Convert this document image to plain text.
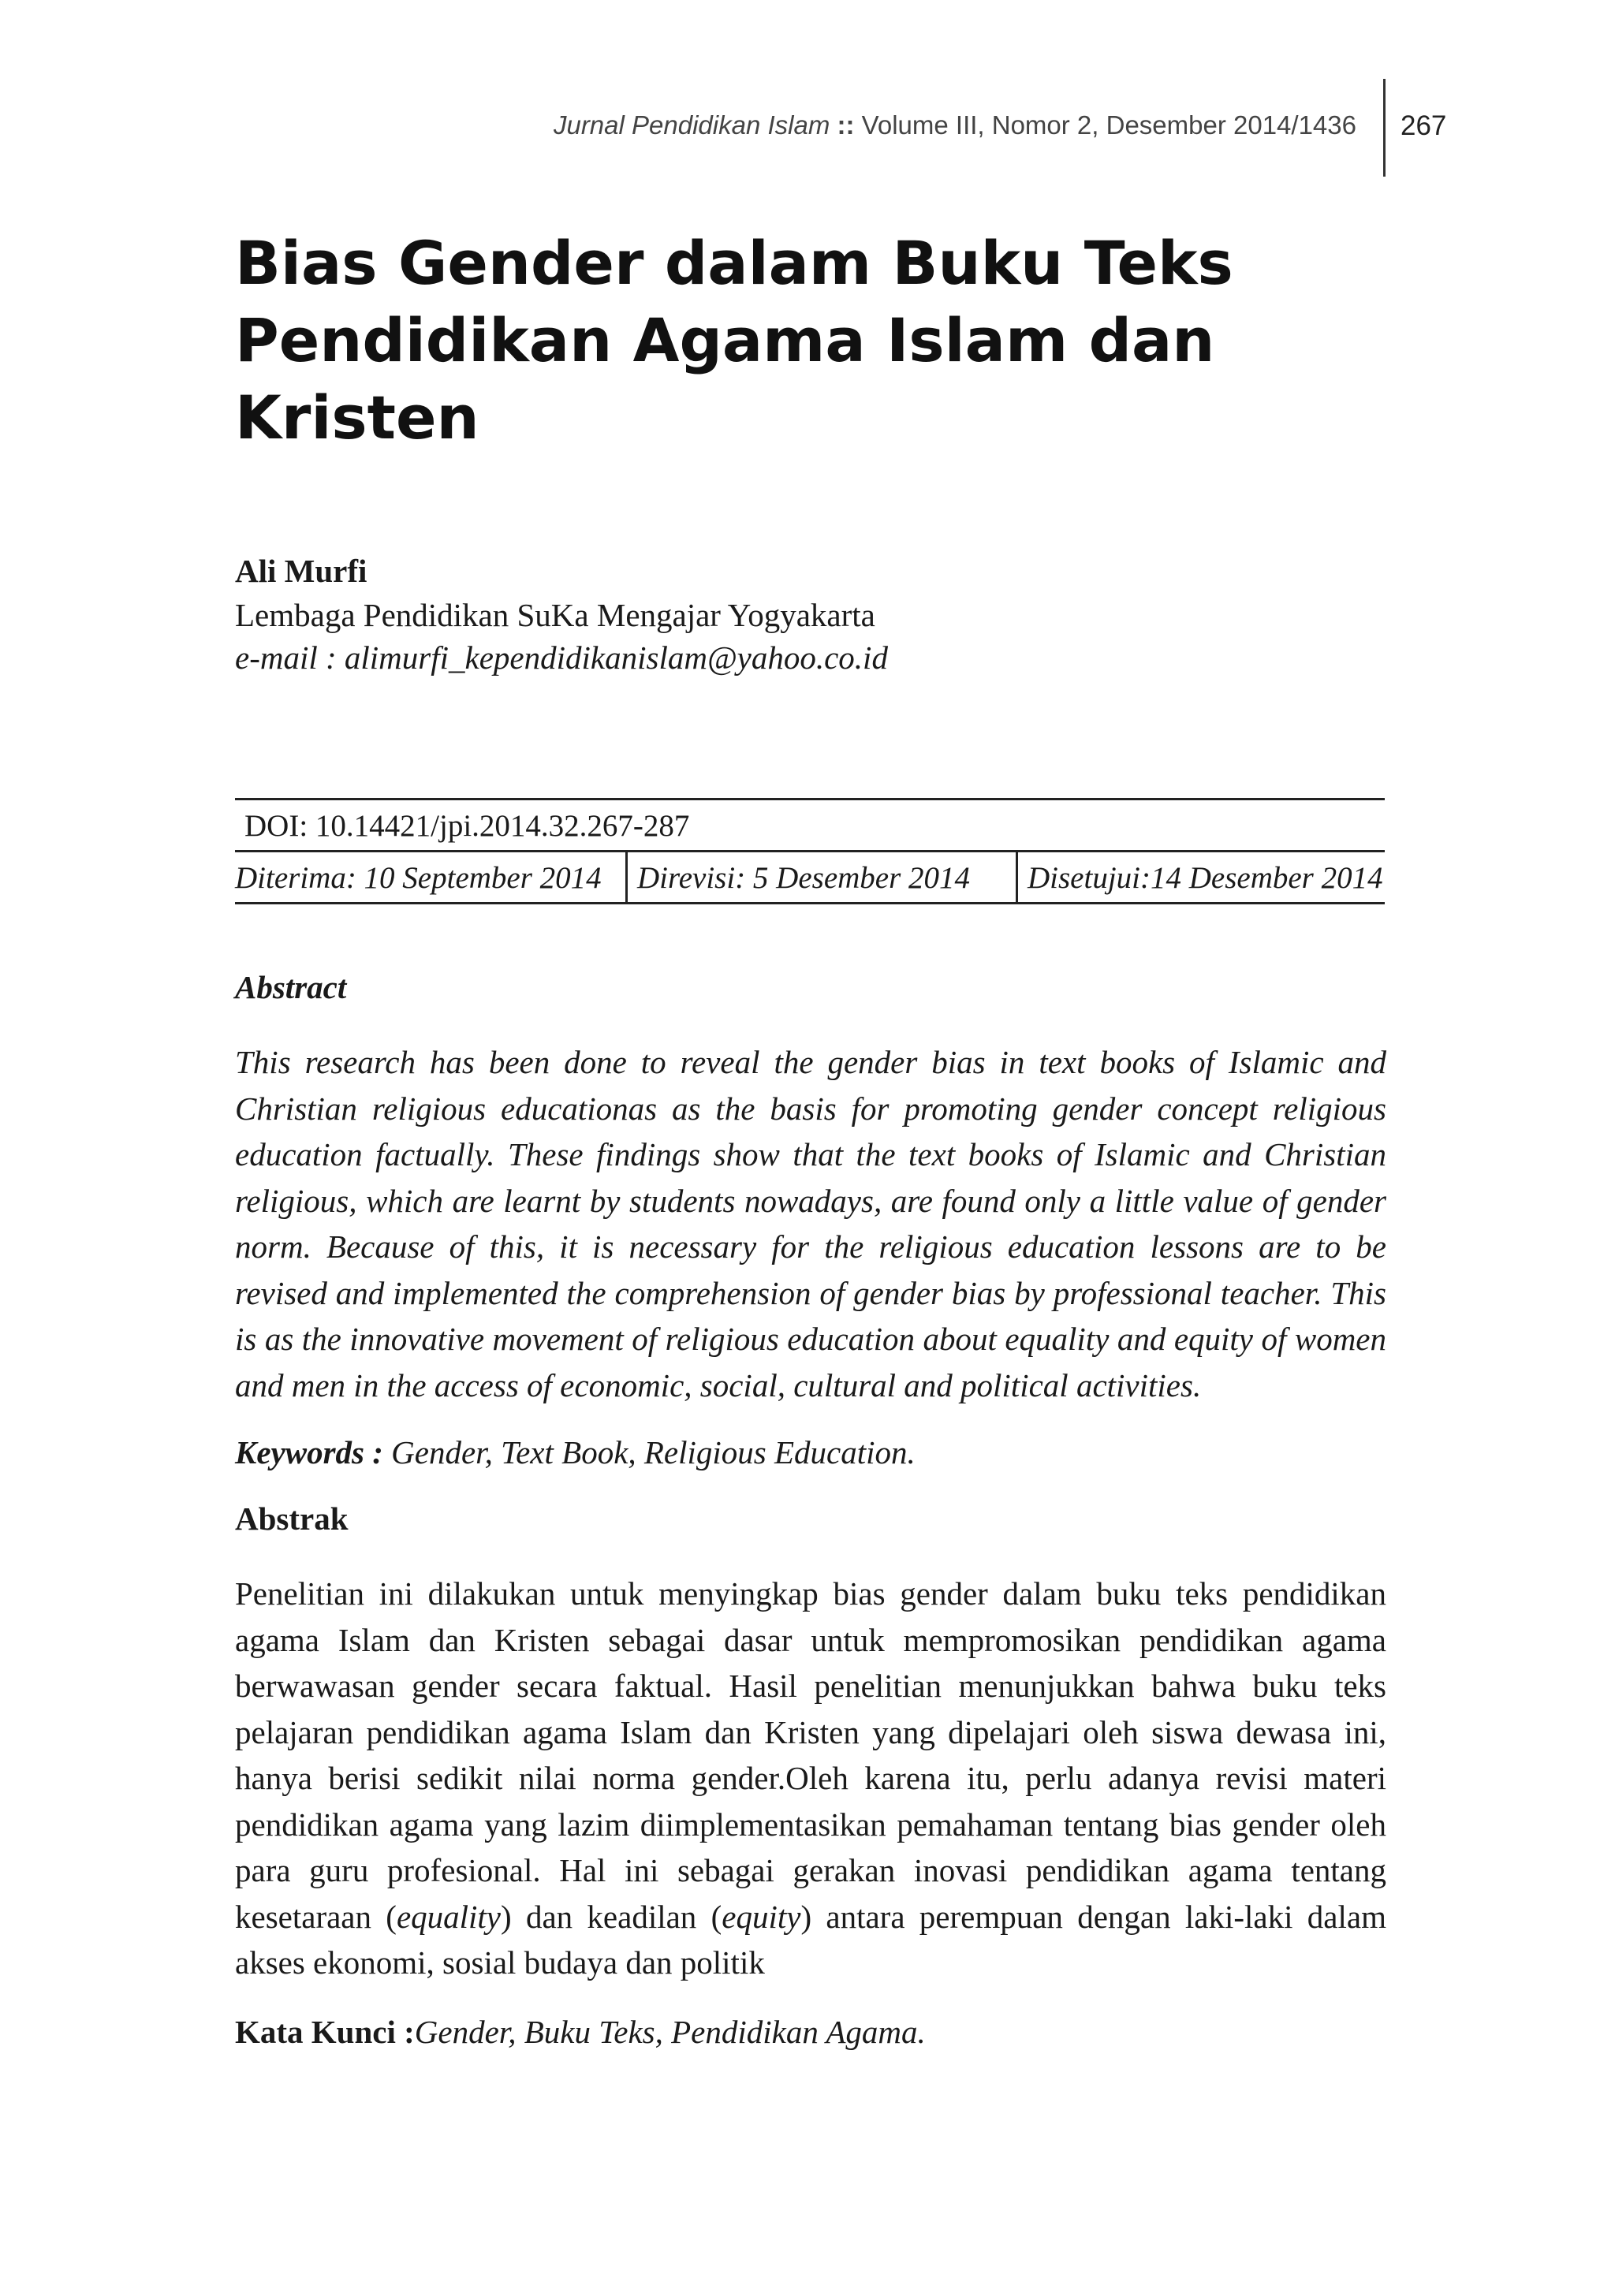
Jurnal Pendidikan Islam :: Volume III, Nomor 2, Desember 2014/1436 267
Bias Gender dalam Buku Teks
Pendidikan Agama Islam dan Kristen

Ali Murfi

Lembaga Pendidikan SuKa Mengajar Yogyakarta

e-mail : alimurfi_kependidikanislam@yahoo.co.id

DOI: 10.14421/jpi.2014.32.267-287
Diterima: 10 September 2014	Direvisi: 5 Desember 2014	Disetujui:14 Desember 2014

Abstract

This research has been done to reveal the gender bias in text books of Islamic and Christian religious educationas as the basis for promoting gender concept religious education factually. These findings show that the text books of Islamic and Christian religious, which are learnt by students nowadays, are found only a little value of gender norm. Because of this, it is necessary for the religious education lessons are to be revised and implemented the comprehension of gender bias by professional teacher. This is as the innovative movement of religious education about equality and equity of women and men in the access of economic, social, cultural and political activities.

Keywords : Gender, Text Book, Religious Education.

Abstrak

Penelitian ini dilakukan untuk menyingkap bias gender dalam buku teks pendidikan agama Islam dan Kristen sebagai dasar untuk mempromosikan pendidikan agama berwawasan gender secara faktual. Hasil penelitian menunjukkan bahwa buku teks pelajaran pendidikan agama Islam dan Kristen yang dipelajari oleh siswa dewasa ini, hanya berisi sedikit nilai norma gender.Oleh karena itu, perlu adanya revisi materi pendidikan agama yang lazim diimplementasikan pemahaman tentang bias gender oleh para guru profesional. Hal ini sebagai gerakan inovasi pendidikan agama tentang kesetaraan (equality) dan keadilan (equity) antara perempuan dengan laki-laki dalam akses ekonomi, sosial budaya dan politik

Kata Kunci :Gender, Buku Teks, Pendidikan Agama.
